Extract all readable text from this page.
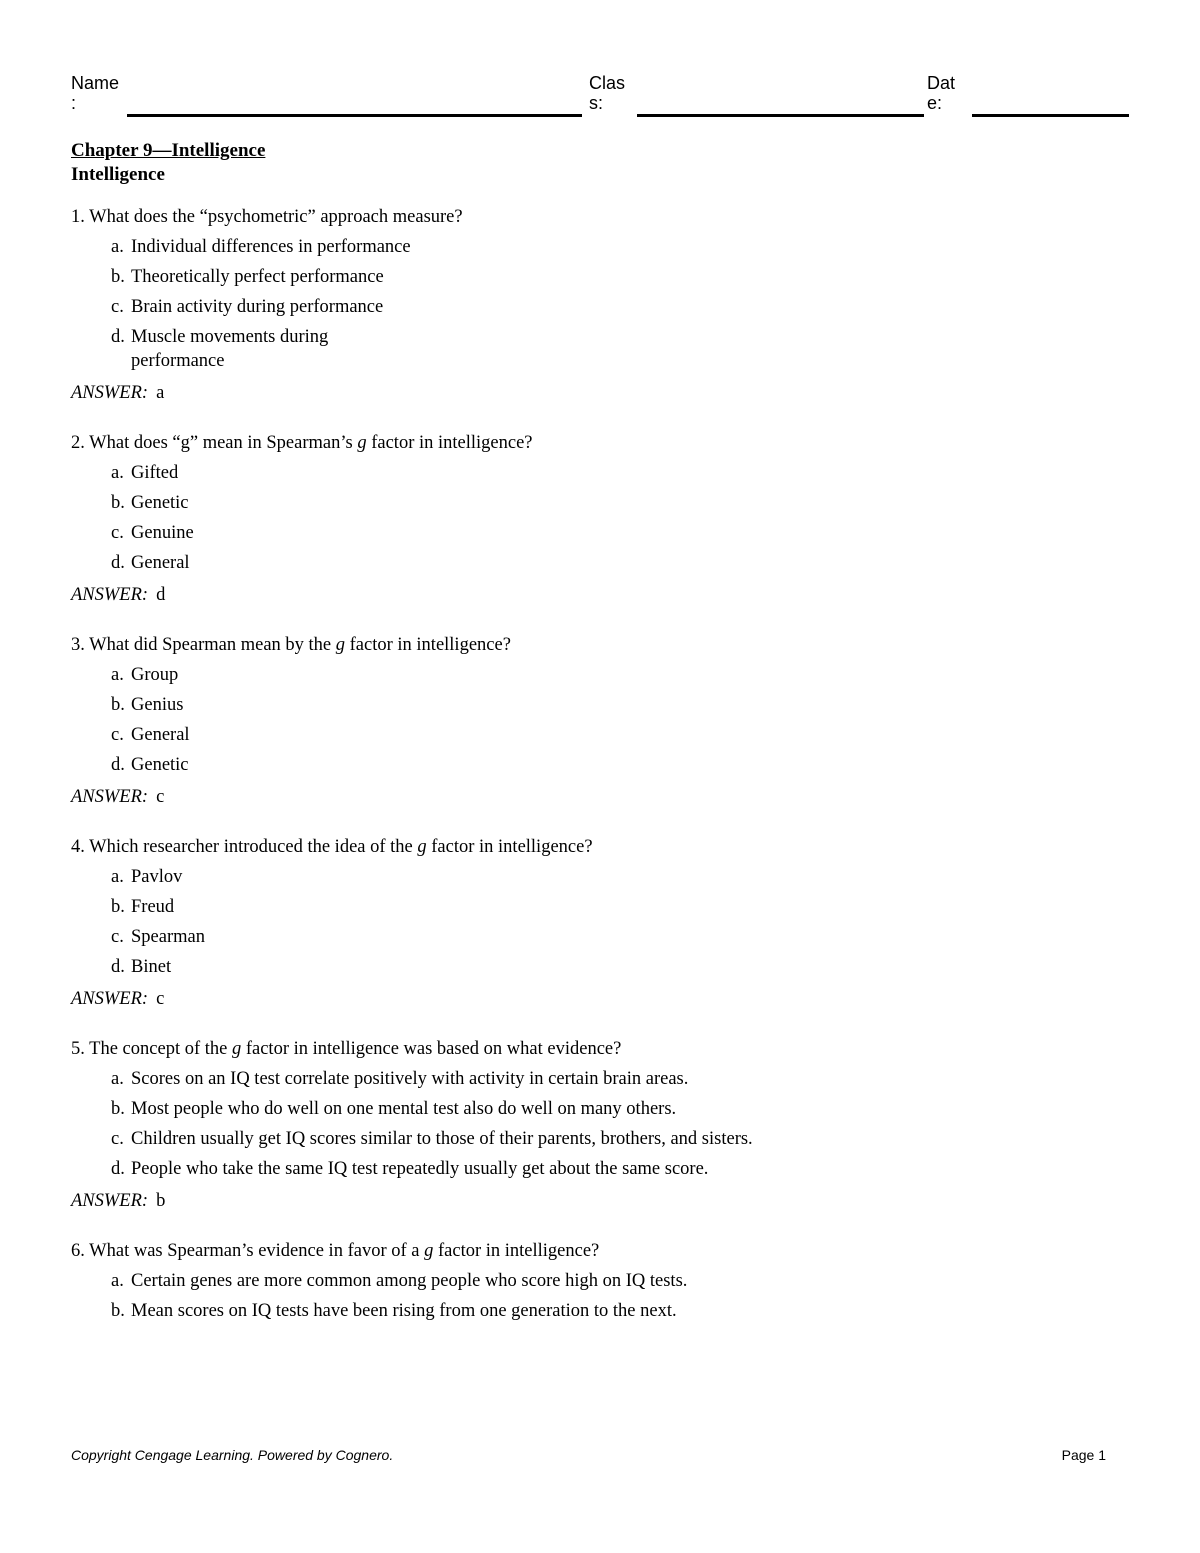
Name
:
Clas
s:
Dat
e:
Chapter 9—Intelligence
Intelligence
1. What does the “psychometric” approach measure?
a. Individual differences in performance
b. Theoretically perfect performance
c. Brain activity during performance
d. Muscle movements during performance
ANSWER: a
2. What does “g” mean in Spearman’s g factor in intelligence?
a. Gifted
b. Genetic
c. Genuine
d. General
ANSWER: d
3. What did Spearman mean by the g factor in intelligence?
a. Group
b. Genius
c. General
d. Genetic
ANSWER: c
4. Which researcher introduced the idea of the g factor in intelligence?
a. Pavlov
b. Freud
c. Spearman
d. Binet
ANSWER: c
5. The concept of the g factor in intelligence was based on what evidence?
a. Scores on an IQ test correlate positively with activity in certain brain areas.
b. Most people who do well on one mental test also do well on many others.
c. Children usually get IQ scores similar to those of their parents, brothers, and sisters.
d. People who take the same IQ test repeatedly usually get about the same score.
ANSWER: b
6. What was Spearman’s evidence in favor of a g factor in intelligence?
a. Certain genes are more common among people who score high on IQ tests.
b. Mean scores on IQ tests have been rising from one generation to the next.
Copyright Cengage Learning. Powered by Cognero.	Page 1
